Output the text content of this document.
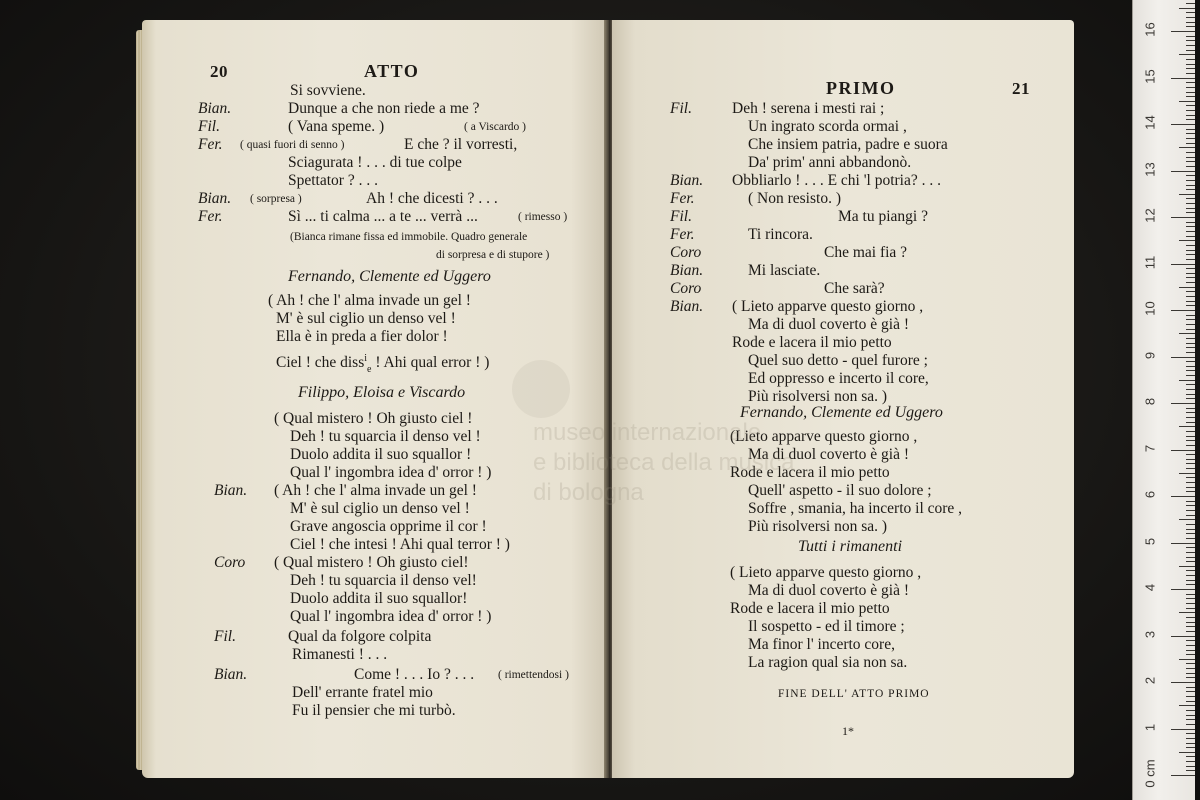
20	ATTO
Si sovviene.
Bian.	Dunque a che non riede a me ?
Fil.	( Vana speme. )	( a Viscardo )
Fer. ( quasi fuori di senno )	E che ? il vorresti,
Sciagurata ! . . . di tue colpe
Spettator ? . . .
Bian. ( sorpresa )	Ah ! che dicesti ? . . .
Fer.	Sì ... ti calma ... a te ... verrà ...	( rimesso )
(Bianca rimane fissa ed immobile. Quadro generale
di sorpresa e di stupore )
Fernando, Clemente ed Uggero
( Ah ! che l' alma invade un gel !
M' è sul ciglio un denso vel !
Ella è in preda a fier dolor !
Ciel ! che diss$^i_e$ ! Ahi qual error ! )
Filippo, Eloisa e Viscardo
( Qual mistero ! Oh giusto ciel !
Deh ! tu squarcia il denso vel !
Duolo addita il suo squallor !
Qual l' ingombra idea d' orror ! )
Bian. ( Ah ! che l' alma invade un gel !
M' è sul ciglio un denso vel !
Grave angoscia opprime il cor !
Ciel ! che intesi ! Ahi qual terror ! )
Coro ( Qual mistero ! Oh giusto ciel!
Deh ! tu squarcia il denso vel!
Duolo addita il suo squallor!
Qual l' ingombra idea d' orror ! )
Fil.	Qual da folgore colpita
Rimanesti ! . . .
Bian.	Come ! . . . Io ? . . . ( rimettendosi )
Dell' errante fratel mio
Fu il pensier che mi turbò.
PRIMO	21
Fil.	Deh ! serena i mesti rai ;
Un ingrato scorda ormai ,
Che insiem patria, padre e suora
Da' prim' anni abbandonò.
Bian. Obbliarlo ! . . . E chi 'l potria? . . .
Fer.	( Non resisto. )
Fil.	Ma tu piangi ?
Fer.	Ti rincora.
Coro	Che mai fia ?
Bian.	Mi lasciate.
Coro	Che sarà?
Bian. ( Lieto apparve questo giorno ,
Ma di duol coverto è già !
Rode e lacera il mio petto
Quel suo detto - quel furore ;
Ed oppresso e incerto il core,
Più risolversi non sa. )
Fernando, Clemente ed Uggero
(Lieto apparve questo giorno ,
Ma di duol coverto è già !
Rode e lacera il mio petto
Quell' aspetto - il suo dolore ;
Soffre , smania, ha incerto il core ,
Più risolversi non sa. )
Tutti i rimanenti
( Lieto apparve questo giorno ,
Ma di duol coverto è già !
Rode e lacera il mio petto
Il sospetto - ed il timore ;
Ma finor l' incerto core,
La ragion qual sia non sa.
FINE DELL' ATTO PRIMO
1*
museo internazionale
e biblioteca della musica
di bologna
0 cm
1
2
3
4
5
6
7
8
9
10
11
12
13
14
15
16
